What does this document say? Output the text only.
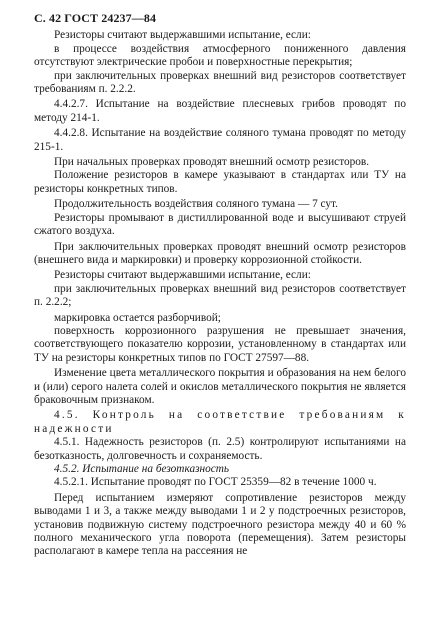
С. 42 ГОСТ 24237—84

Резисторы считают выдержавшими испытание, если:

в процессе воздействия атмосферного пониженного давления отсутствуют электрические пробои и поверхностные перекрытия;

при заключительных проверках внешний вид резисторов соответствует требованиям п. 2.2.2.

4.4.2.7. Испытание на воздействие плесневых грибов проводят по методу 214-1.

4.4.2.8. Испытание на воздействие соляного тумана проводят по методу 215-1.

При начальных проверках проводят внешний осмотр резисторов.

Положение резисторов в камере указывают в стандартах или ТУ на резисторы конкретных типов.

Продолжительность воздействия соляного тумана — 7 сут.

Резисторы промывают в дистиллированной воде и высушивают струей сжатого воздуха.

При заключительных проверках проводят внешний осмотр резисторов (внешнего вида и маркировки) и проверку коррозионной стойкости.

Резисторы считают выдержавшими испытание, если:

при заключительных проверках внешний вид резисторов соответствует п. 2.2.2;

маркировка остается разборчивой;

поверхность коррозионного разрушения не превышает значения, соответствующего показателю коррозии, установленному в стандартах или ТУ на резисторы конкретных типов по ГОСТ 27597—88.

Изменение цвета металлического покрытия и образования на нем белого и (или) серого налета солей и окислов металлического покрытия не является браковочным признаком.

4.5. Контроль на соответствие требованиям к надежности

4.5.1. Надежность резисторов (п. 2.5) контролируют испытаниями на безотказность, долговечность и сохраняемость.

4.5.2. Испытание на безотказность

4.5.2.1. Испытание проводят по ГОСТ 25359—82 в течение 1000 ч.

Перед испытанием измеряют сопротивление резисторов между выводами 1 и 3, а также между выводами 1 и 2 у подстроечных резисторов, установив подвижную систему подстроечного резистора между 40 и 60 % полного механического угла поворота (перемещения). Затем резисторы располагают в камере тепла на рассеяния не
